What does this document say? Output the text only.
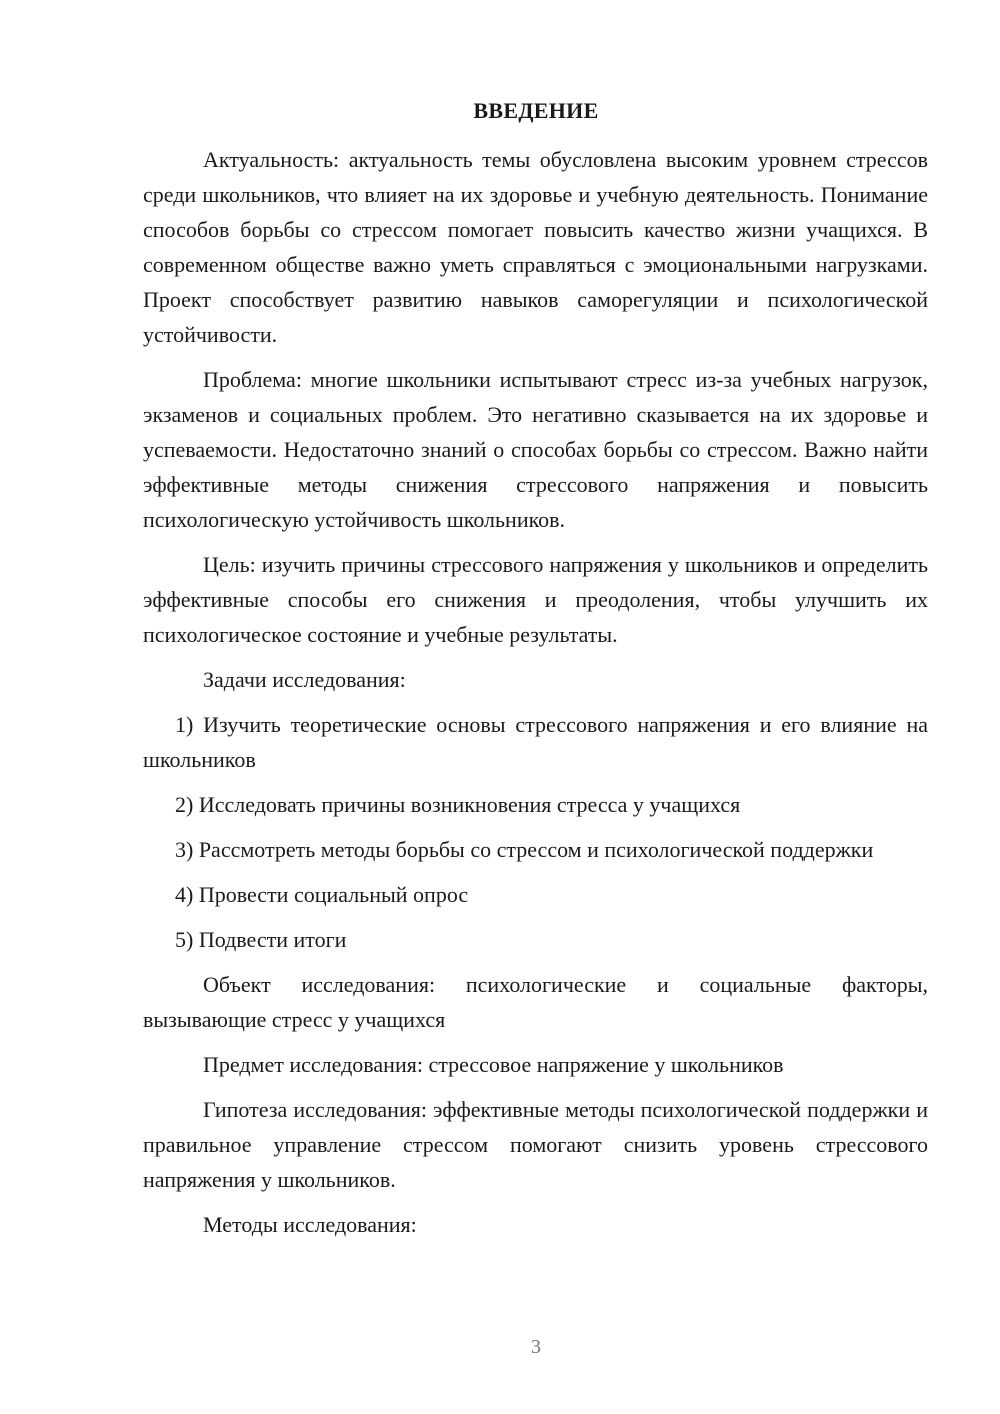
ВВЕДЕНИЕ

Актуальность: актуальность темы обусловлена высоким уровнем стрессов среди школьников, что влияет на их здоровье и учебную деятельность. Понимание способов борьбы со стрессом помогает повысить качество жизни учащихся. В современном обществе важно уметь справляться с эмоциональными нагрузками. Проект способствует развитию навыков саморегуляции и психологической устойчивости.

Проблема: многие школьники испытывают стресс из-за учебных нагрузок, экзаменов и социальных проблем. Это негативно сказывается на их здоровье и успеваемости. Недостаточно знаний о способах борьбы со стрессом. Важно найти эффективные методы снижения стрессового напряжения и повысить психологическую устойчивость школьников.

Цель: изучить причины стрессового напряжения у школьников и определить эффективные способы его снижения и преодоления, чтобы улучшить их психологическое состояние и учебные результаты.

Задачи исследования:

1) Изучить теоретические основы стрессового напряжения и его влияние на школьников

2) Исследовать причины возникновения стресса у учащихся

3) Рассмотреть методы борьбы со стрессом и психологической поддержки

4) Провести социальный опрос

5) Подвести итоги

Объект исследования: психологические и социальные факторы, вызывающие стресс у учащихся

Предмет исследования: стрессовое напряжение у школьников

Гипотеза исследования: эффективные методы психологической поддержки и правильное управление стрессом помогают снизить уровень стрессового напряжения у школьников.

Методы исследования:

3
